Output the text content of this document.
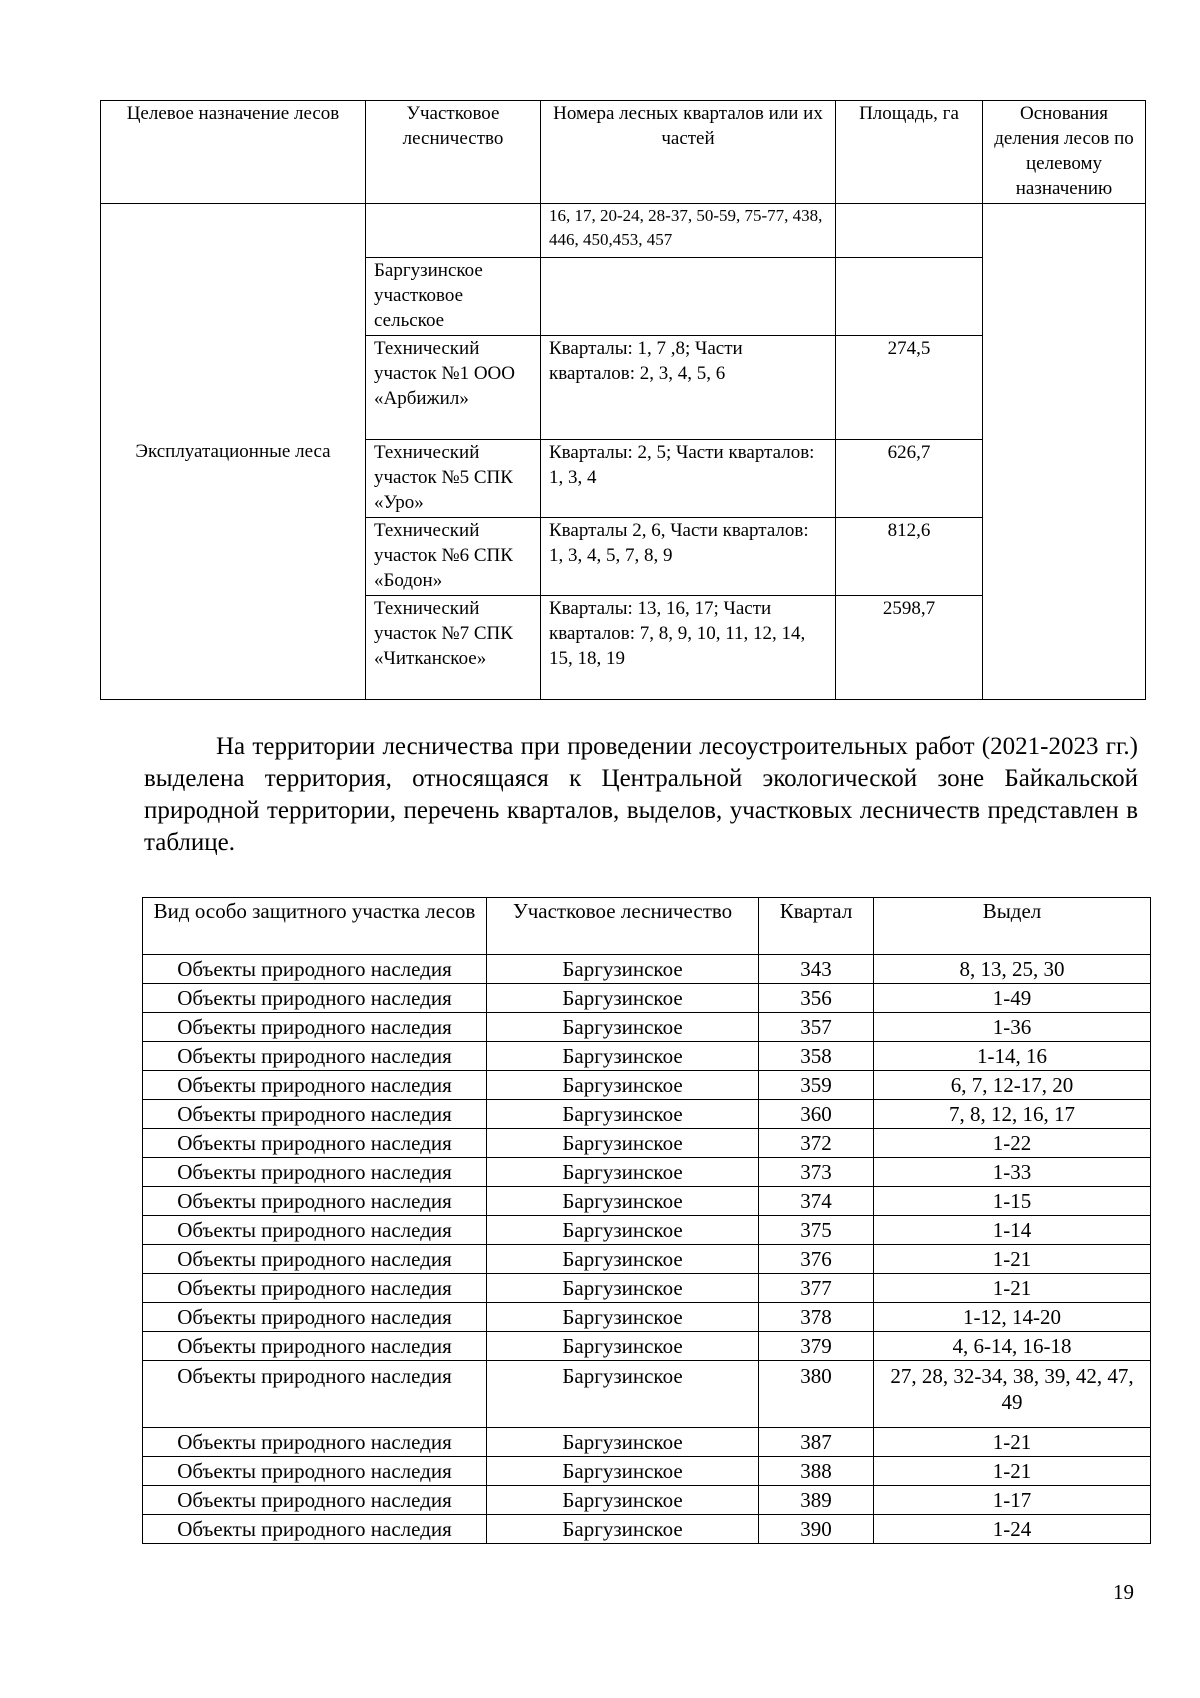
Целевое назначение лесов	Участковое лесничество	Номера лесных кварталов или их частей	Площадь, га	Основания деления лесов по целевому назначению
Эксплуатационные леса		16, 17, 20-24, 28-37, 50-59, 75-77, 438, 446, 450,453, 457		
	Баргузинское участковое сельское			
	Технический участок №1 ООО «Арбижил»	Кварталы: 1, 7 ,8; Части кварталов: 2, 3, 4, 5, 6	274,5	
	Технический участок №5 СПК «Уро»	Кварталы: 2, 5; Части кварталов: 1, 3, 4	626,7	
	Технический участок №6 СПК «Бодон»	Кварталы 2, 6, Части кварталов: 1, 3, 4, 5, 7, 8, 9	812,6	
	Технический участок №7 СПК «Читканское»	Кварталы: 13, 16, 17; Части кварталов: 7, 8, 9, 10, 11, 12, 14, 15, 18, 19	2598,7	

На территории лесничества при проведении лесоустроительных работ (2021-2023 гг.) выделена территория, относящаяся к Центральной экологической зоне Байкальской природной территории, перечень кварталов, выделов, участковых лесничеств представлен в таблице.

Вид особо защитного участка лесов	Участковое лесничество	Квартал	Выдел
Объекты природного наследия	Баргузинское	343	8, 13, 25, 30
Объекты природного наследия	Баргузинское	356	1-49
Объекты природного наследия	Баргузинское	357	1-36
Объекты природного наследия	Баргузинское	358	1-14, 16
Объекты природного наследия	Баргузинское	359	6, 7, 12-17, 20
Объекты природного наследия	Баргузинское	360	7, 8, 12, 16, 17
Объекты природного наследия	Баргузинское	372	1-22
Объекты природного наследия	Баргузинское	373	1-33
Объекты природного наследия	Баргузинское	374	1-15
Объекты природного наследия	Баргузинское	375	1-14
Объекты природного наследия	Баргузинское	376	1-21
Объекты природного наследия	Баргузинское	377	1-21
Объекты природного наследия	Баргузинское	378	1-12, 14-20
Объекты природного наследия	Баргузинское	379	4, 6-14, 16-18
Объекты природного наследия	Баргузинское	380	27, 28, 32-34, 38, 39, 42, 47, 49
Объекты природного наследия	Баргузинское	387	1-21
Объекты природного наследия	Баргузинское	388	1-21
Объекты природного наследия	Баргузинское	389	1-17
Объекты природного наследия	Баргузинское	390	1-24
19
